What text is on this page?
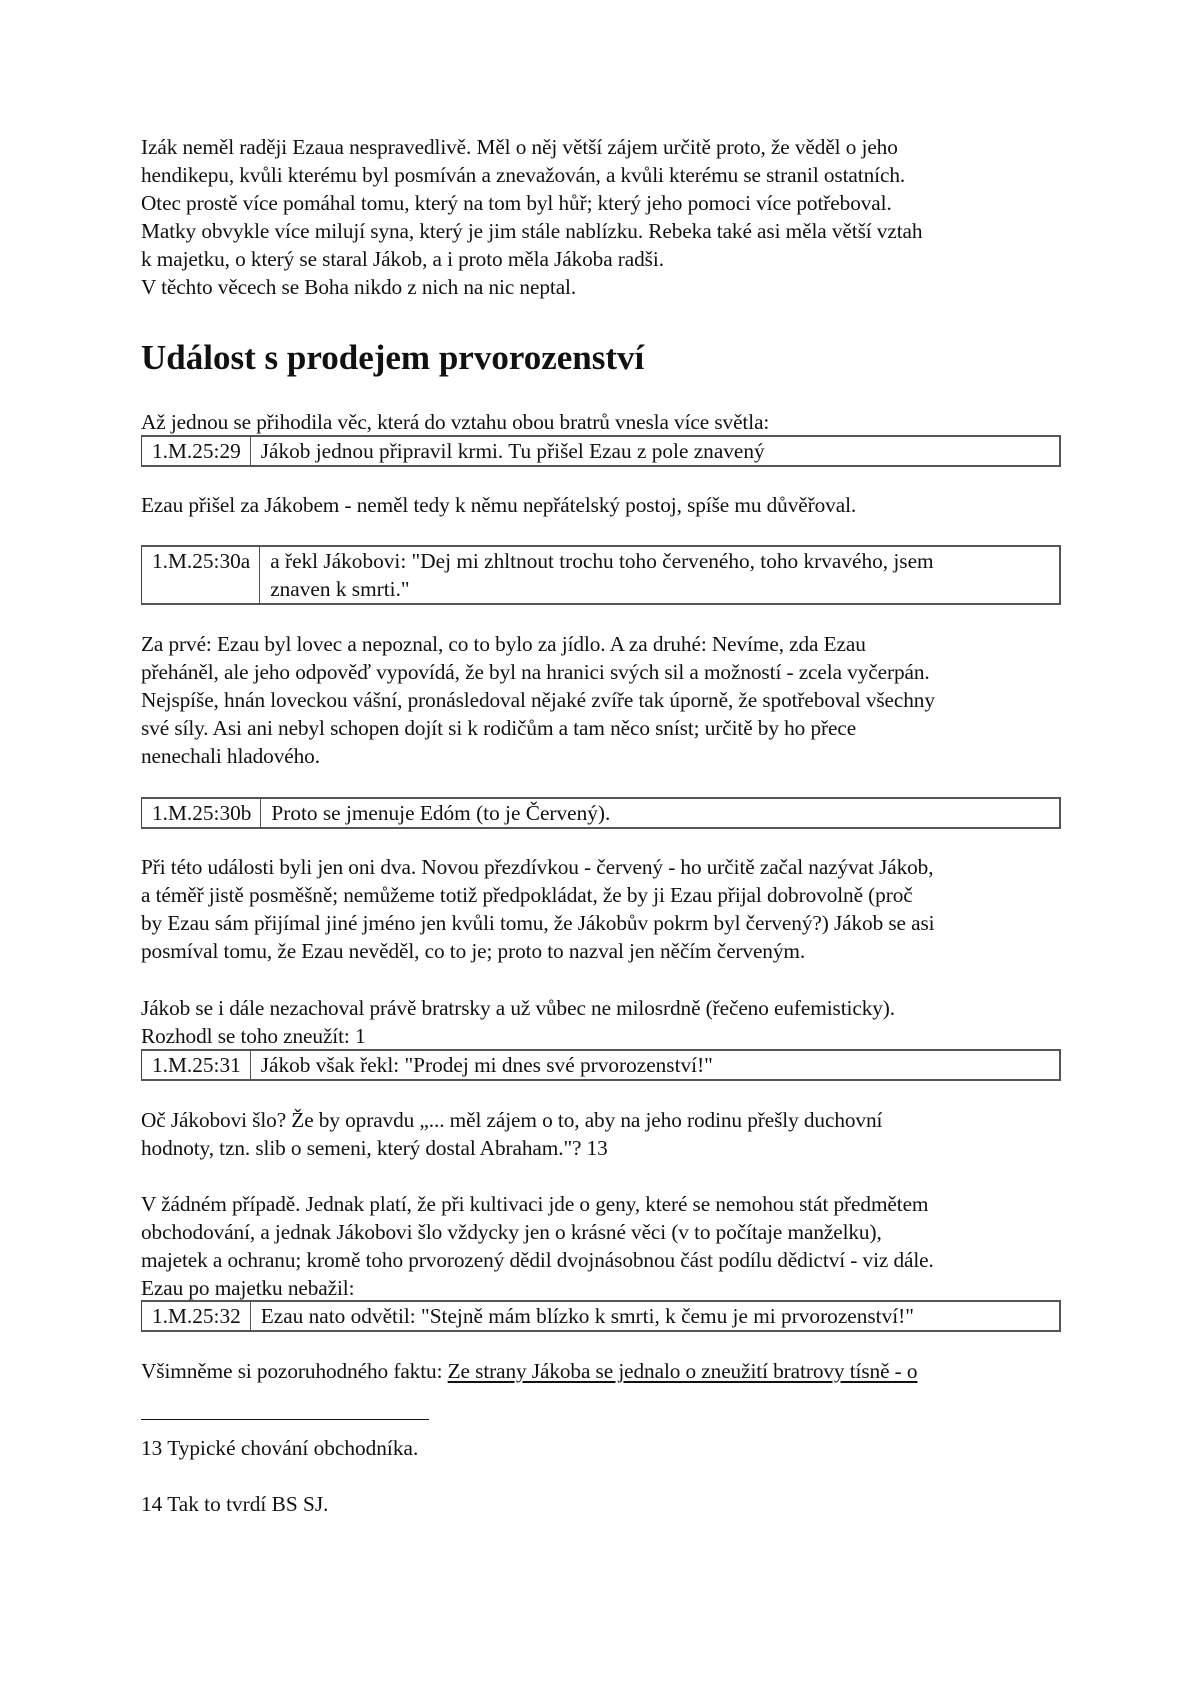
Izák neměl raději Ezaua nespravedlivě. Měl o něj větší zájem určitě proto, že věděl o jeho
hendikepu, kvůli kterému byl posmíván a znevažován, a kvůli kterému se stranil ostatních.
Otec prostě více pomáhal tomu, který na tom byl hůř; který jeho pomoci více potřeboval.
Matky obvykle více milují syna, který je jim stále nablízku. Rebeka také asi měla větší vztah
k majetku, o který se staral Jákob, a i proto měla Jákoba radši.
V těchto věcech se Boha nikdo z nich na nic neptal.
Událost s prodejem prvorozenství
Až jednou se přihodila věc, která do vztahu obou bratrů vnesla více světla:
1.M.25:29	Jákob jednou připravil krmi. Tu přišel Ezau z pole znavený
Ezau přišel za Jákobem - neměl tedy k němu nepřátelský postoj, spíše mu důvěřoval.
1.M.25:30a	a řekl Jákobovi: "Dej mi zhltnout trochu toho červeného, toho krvavého, jsem
znaven k smrti."
Za prvé: Ezau byl lovec a nepoznal, co to bylo za jídlo. A za druhé: Nevíme, zda Ezau
přeháněl, ale jeho odpověď vypovídá, že byl na hranici svých sil a možností - zcela vyčerpán.
Nejspíše, hnán loveckou vášní, pronásledoval nějaké zvíře tak úporně, že spotřeboval všechny
své síly. Asi ani nebyl schopen dojít si k rodičům a tam něco sníst; určitě by ho přece
nenechali hladového.
1.M.25:30b	Proto se jmenuje Edóm (to je Červený).
Při této události byli jen oni dva. Novou přezdívkou - červený - ho určitě začal nazývat Jákob,
a téměř jistě posměšně; nemůžeme totiž předpokládat, že by ji Ezau přijal dobrovolně (proč
by Ezau sám přijímal jiné jméno jen kvůli tomu, že Jákobův pokrm byl červený?) Jákob se asi
posmíval tomu, že Ezau nevěděl, co to je; proto to nazval jen něčím červeným.
Jákob se i dále nezachoval právě bratrsky a už vůbec ne milosrdně (řečeno eufemisticky).
Rozhodl se toho zneužít: 1
1.M.25:31	Jákob však řekl: "Prodej mi dnes své prvorozenství!"
Oč Jákobovi šlo? Že by opravdu „... měl zájem o to, aby na jeho rodinu přešly duchovní
hodnoty, tzn. slib o semeni, který dostal Abraham."? 13
V žádném případě. Jednak platí, že při kultivaci jde o geny, které se nemohou stát předmětem
obchodování, a jednak Jákobovi šlo vždycky jen o krásné věci (v to počítaje manželku),
majetek a ochranu; kromě toho prvorozený dědil dvojnásobnou část podílu dědictví - viz dále.
Ezau po majetku nebažil:
1.M.25:32	Ezau nato odvětil: "Stejně mám blízko k smrti, k čemu je mi prvorozenství!"
Všimněme si pozoruhodného faktu: Ze strany Jákoba se jednalo o zneužití bratrovy tísně - o
13 Typické chování obchodníka.
14 Tak to tvrdí BS SJ.
